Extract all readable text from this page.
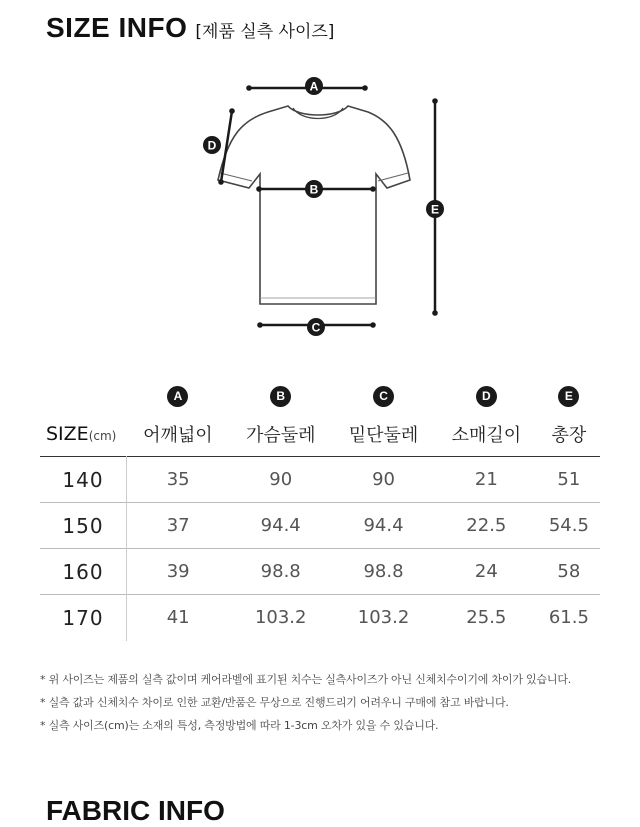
SIZE INFO [제품 실측 사이즈]
A
B
C
D
E
	A	B	C	D	E
SIZE(cm)	어깨넓이	가슴둘레	밑단둘레	소매길이	총장
140	35	90	90	21	51
150	37	94.4	94.4	22.5	54.5
160	39	98.8	98.8	24	58
170	41	103.2	103.2	25.5	61.5
* 위 사이즈는 제품의 실측 값이며 케어라벨에 표기된 치수는 실측사이즈가 아닌 신체치수이기에 차이가 있습니다.
* 실측 값과 신체치수 차이로 인한 교환/반품은 무상으로 진행드리기 어려우니 구매에 참고 바랍니다.
* 실측 사이즈(cm)는 소재의 특성, 측정방법에 따라 1-3cm 오차가 있을 수 있습니다.
FABRIC INFO
